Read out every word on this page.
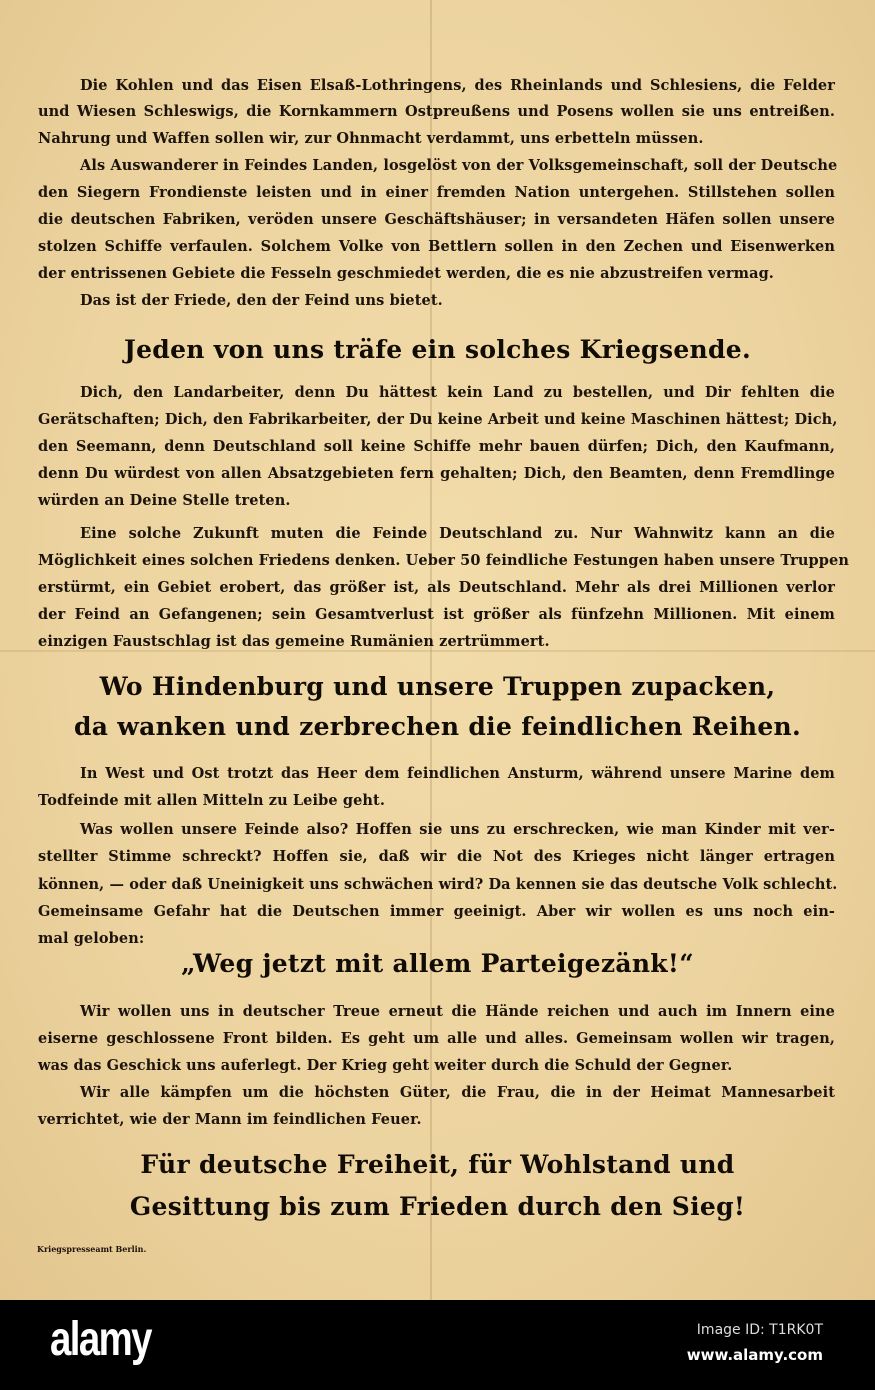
Die Kohlen und das Eisen Elsaß-Lothringens, des Rheinlands und Schlesiens, die Felder
und Wiesen Schleswigs, die Kornkammern Ostpreußens und Posens wollen sie uns entreißen.
Nahrung und Waffen sollen wir, zur Ohnmacht verdammt, uns erbetteln müssen.
Als Auswanderer in Feindes Landen, losgelöst von der Volksgemeinschaft, soll der Deutsche
den Siegern Frondienste leisten und in einer fremden Nation untergehen. Stillstehen sollen
die deutschen Fabriken, veröden unsere Geschäftshäuser; in versandeten Häfen sollen unsere
stolzen Schiffe verfaulen. Solchem Volke von Bettlern sollen in den Zechen und Eisenwerken
der entrissenen Gebiete die Fesseln geschmiedet werden, die es nie abzustreifen vermag.
Das ist der Friede, den der Feind uns bietet.
Jeden von uns träfe ein solches Kriegsende.
Dich, den Landarbeiter, denn Du hättest kein Land zu bestellen, und Dir fehlten die
Gerätschaften; Dich, den Fabrikarbeiter, der Du keine Arbeit und keine Maschinen hättest; Dich,
den Seemann, denn Deutschland soll keine Schiffe mehr bauen dürfen; Dich, den Kaufmann,
denn Du würdest von allen Absatzgebieten fern gehalten; Dich, den Beamten, denn Fremdlinge
würden an Deine Stelle treten.
Eine solche Zukunft muten die Feinde Deutschland zu. Nur Wahnwitz kann an die
Möglichkeit eines solchen Friedens denken. Ueber 50 feindliche Festungen haben unsere Truppen
erstürmt, ein Gebiet erobert, das größer ist, als Deutschland. Mehr als drei Millionen verlor
der Feind an Gefangenen; sein Gesamtverlust ist größer als fünfzehn Millionen. Mit einem
einzigen Faustschlag ist das gemeine Rumänien zertrümmert.
Wo Hindenburg und unsere Truppen zupacken,
da wanken und zerbrechen die feindlichen Reihen.
In West und Ost trotzt das Heer dem feindlichen Ansturm, während unsere Marine dem
Todfeinde mit allen Mitteln zu Leibe geht.
Was wollen unsere Feinde also? Hoffen sie uns zu erschrecken, wie man Kinder mit ver-
stellter Stimme schreckt? Hoffen sie, daß wir die Not des Krieges nicht länger ertragen
können, — oder daß Uneinigkeit uns schwächen wird? Da kennen sie das deutsche Volk schlecht.
Gemeinsame Gefahr hat die Deutschen immer geeinigt. Aber wir wollen es uns noch ein-
mal geloben:
„Weg jetzt mit allem Parteigezänk!“
Wir wollen uns in deutscher Treue erneut die Hände reichen und auch im Innern eine
eiserne geschlossene Front bilden. Es geht um alle und alles. Gemeinsam wollen wir tragen,
was das Geschick uns auferlegt. Der Krieg geht weiter durch die Schuld der Gegner.
Wir alle kämpfen um die höchsten Güter, die Frau, die in der Heimat Mannesarbeit
verrichtet, wie der Mann im feindlichen Feuer.
Für deutsche Freiheit, für Wohlstand und
Gesittung bis zum Frieden durch den Sieg!
Kriegspresseamt Berlin.
alamy	Image ID: T1RK0T
www.alamy.com
